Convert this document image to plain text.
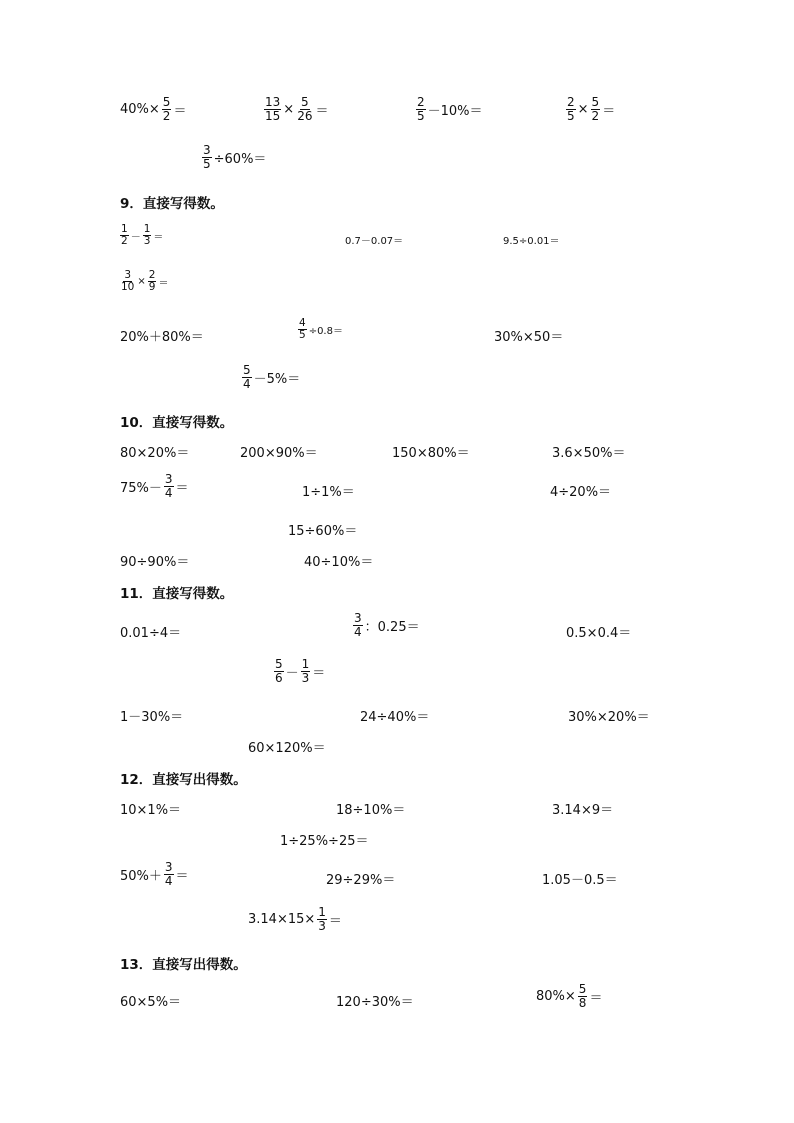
$40\%\times \frac{5}{2}$ ＝	$\frac{13}{15} \times \frac{5}{26}$ ＝	$\frac{2}{5} -10\%=$	$\frac{2}{5} \times \frac{5}{2}$ ＝
$\frac{3}{5} \div 60\%=$
9．直接写得数。
$\frac{1}{2} - \frac{1}{3}$ ＝	0.7－0.07＝	9.5÷0.01＝
$\frac{3}{10} \times \frac{2}{9}$ ＝
20%＋80%＝	$\frac{4}{5} \div 0.8=$	30%×50＝
$\frac{5}{4} -5\%=$
10．直接写得数。
80×20%＝	200×90%＝	150×80%＝	3.6×50%＝
$75\%- \frac{3}{4}$ ＝	1÷1%＝	4÷20%＝
15÷60%＝
90÷90%＝	40÷10%＝
11．直接写得数。
0.01÷4＝	$\frac{3}{4}$ ：0.25＝	0.5×0.4＝
$\frac{5}{6} - \frac{1}{3}$ ＝
1－30%＝	24÷40%＝	30%×20%＝
60×120%＝
12．直接写出得数。
10×1%＝	18÷10%＝	3.14×9＝
1÷25%÷25＝
$50\%+ \frac{3}{4}$ ＝	29÷29%＝	1.05－0.5＝
$3.14\times 15\times \frac{1}{3}$ ＝
13．直接写出得数。
60×5%＝	120÷30%＝	$80\%\times \frac{5}{8}$ ＝
